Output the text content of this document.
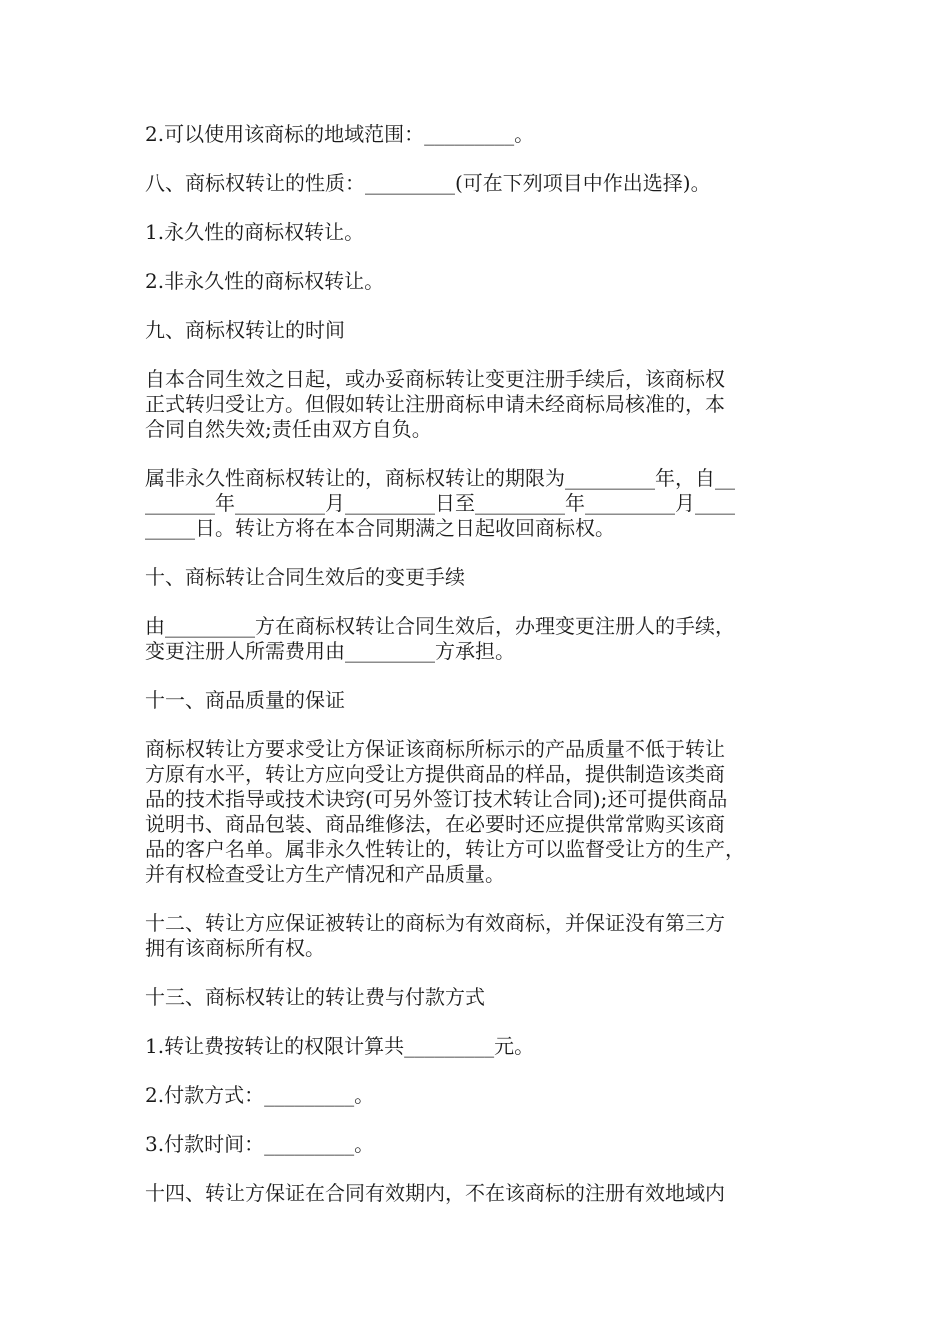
2.可以使用该商标的地域范围：_________。
八、商标权转让的性质：_________(可在下列项目中作出选择)。
1.永久性的商标权转让。
2.非永久性的商标权转让。
九、商标权转让的时间
自本合同生效之日起，或办妥商标转让变更注册手续后，该商标权
正式转归受让方。但假如转让注册商标申请未经商标局核准的，本
合同自然失效;责任由双方自负。
属非永久性商标权转让的，商标权转让的期限为_________年，自__
_______年_________月_________日至_________年_________月____
_____日。转让方将在本合同期满之日起收回商标权。
十、商标转让合同生效后的变更手续
由_________方在商标权转让合同生效后，办理变更注册人的手续，
变更注册人所需费用由_________方承担。
十一、商品质量的保证
商标权转让方要求受让方保证该商标所标示的产品质量不低于转让
方原有水平，转让方应向受让方提供商品的样品，提供制造该类商
品的技术指导或技术诀窍(可另外签订技术转让合同);还可提供商品
说明书、商品包装、商品维修法，在必要时还应提供常常购买该商
品的客户名单。属非永久性转让的，转让方可以监督受让方的生产，
并有权检查受让方生产情况和产品质量。
十二、转让方应保证被转让的商标为有效商标，并保证没有第三方
拥有该商标所有权。
十三、商标权转让的转让费与付款方式
1.转让费按转让的权限计算共_________元。
2.付款方式：_________。
3.付款时间：_________。
十四、转让方保证在合同有效期内，不在该商标的注册有效地域内
